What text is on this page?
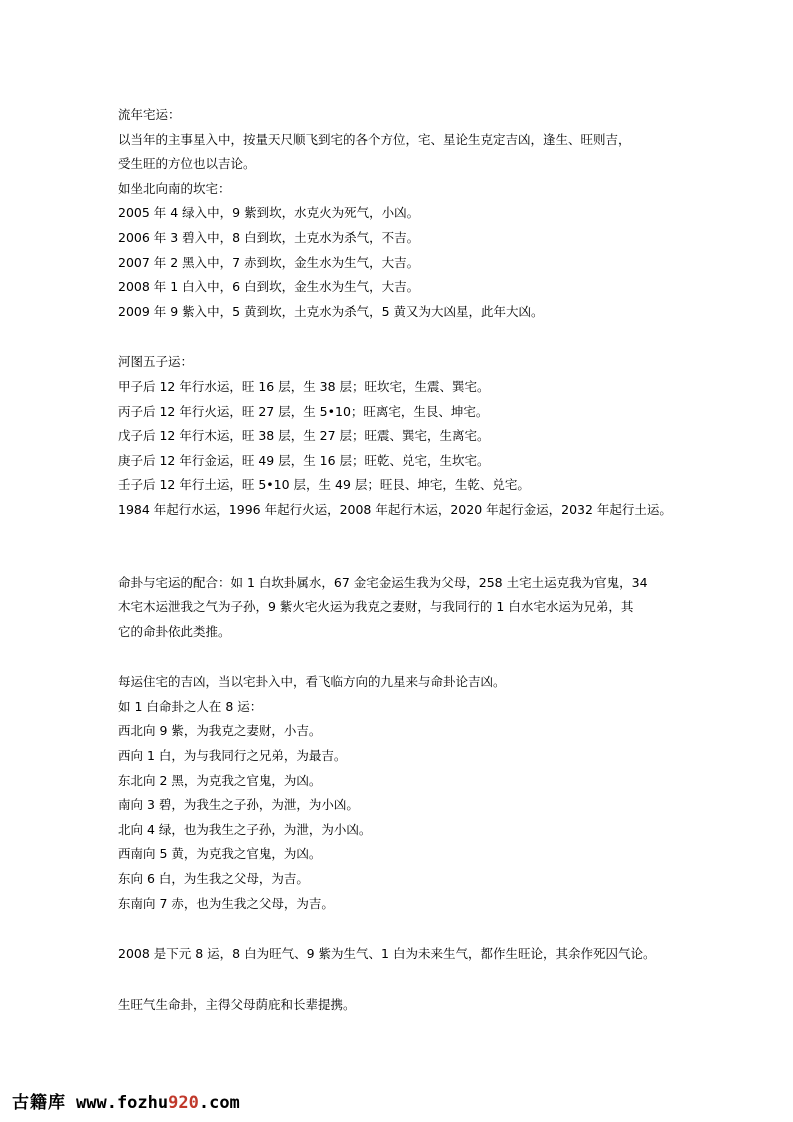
流年宅运：
以当年的主事星入中，按量天尺顺飞到宅的各个方位，宅、星论生克定吉凶，逢生、旺则吉，
受生旺的方位也以吉论。
如坐北向南的坎宅：
2005 年 4 绿入中，9 紫到坎，水克火为死气，小凶。
2006 年 3 碧入中，8 白到坎，土克水为杀气，不吉。
2007 年 2 黑入中，7 赤到坎，金生水为生气，大吉。
2008 年 1 白入中，6 白到坎，金生水为生气，大吉。
2009 年 9 紫入中，5 黄到坎，土克水为杀气，5 黄又为大凶星，此年大凶。
河图五子运：
甲子后 12 年行水运，旺 16 层，生 38 层；旺坎宅，生震、巽宅。
丙子后 12 年行火运，旺 27 层，生 5•10；旺离宅，生艮、坤宅。
戊子后 12 年行木运，旺 38 层，生 27 层；旺震、巽宅，生离宅。
庚子后 12 年行金运，旺 49 层，生 16 层；旺乾、兑宅，生坎宅。
壬子后 12 年行土运，旺 5•10 层，生 49 层；旺艮、坤宅，生乾、兑宅。
1984 年起行水运，1996 年起行火运，2008 年起行木运，2020 年起行金运，2032 年起行土运。
命卦与宅运的配合：如 1 白坎卦属水，67 金宅金运生我为父母，258 土宅土运克我为官鬼，34
木宅木运泄我之气为子孙，9 紫火宅火运为我克之妻财，与我同行的 1 白水宅水运为兄弟，其
它的命卦依此类推。
每运住宅的吉凶，当以宅卦入中，看飞临方向的九星来与命卦论吉凶。
如 1 白命卦之人在 8 运：
西北向 9 紫，为我克之妻财，小吉。
西向 1 白，为与我同行之兄弟，为最吉。
东北向 2 黑，为克我之官鬼，为凶。
南向 3 碧，为我生之子孙，为泄，为小凶。
北向 4 绿，也为我生之子孙，为泄，为小凶。
西南向 5 黄，为克我之官鬼，为凶。
东向 6 白，为生我之父母，为吉。
东南向 7 赤，也为生我之父母，为吉。
2008 是下元 8 运，8 白为旺气、9 紫为生气、1 白为未来生气，都作生旺论，其余作死囚气论。
生旺气生命卦，主得父母荫庇和长辈提携。
古籍库 www.fozhu920.com
